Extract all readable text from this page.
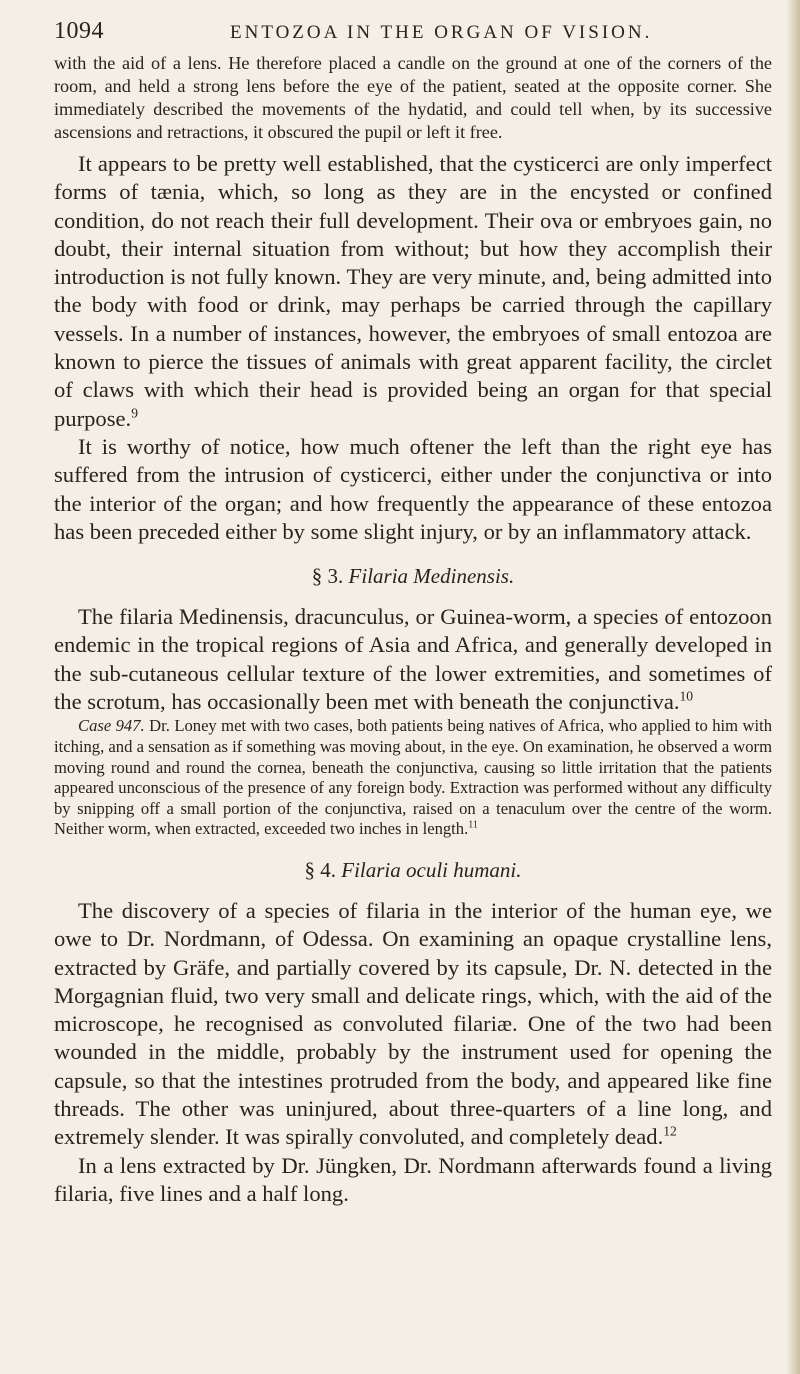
1094	ENTOZOA IN THE ORGAN OF VISION.

with the aid of a lens. He therefore placed a candle on the ground at one of the corners of the room, and held a strong lens before the eye of the patient, seated at the opposite corner. She immediately described the movements of the hydatid, and could tell when, by its successive ascensions and retractions, it obscured the pupil or left it free.

It appears to be pretty well established, that the cysticerci are only imperfect forms of tænia, which, so long as they are in the encysted or confined condition, do not reach their full development. Their ova or embryoes gain, no doubt, their internal situation from without; but how they accomplish their introduction is not fully known. They are very minute, and, being admitted into the body with food or drink, may perhaps be carried through the capillary vessels. In a number of instances, however, the embryoes of small entozoa are known to pierce the tissues of animals with great apparent facility, the circlet of claws with which their head is provided being an organ for that special purpose.$^9$

It is worthy of notice, how much oftener the left than the right eye has suffered from the intrusion of cysticerci, either under the conjunctiva or into the interior of the organ; and how frequently the appearance of these entozoa has been preceded either by some slight injury, or by an inflammatory attack.

§ 3. Filaria Medinensis.

The filaria Medinensis, dracunculus, or Guinea-worm, a species of entozoon endemic in the tropical regions of Asia and Africa, and generally developed in the sub-cutaneous cellular texture of the lower extremities, and sometimes of the scrotum, has occasionally been met with beneath the conjunctiva.$^{10}$

Case 947. Dr. Loney met with two cases, both patients being natives of Africa, who applied to him with itching, and a sensation as if something was moving about, in the eye. On examination, he observed a worm moving round and round the cornea, beneath the conjunctiva, causing so little irritation that the patients appeared unconscious of the presence of any foreign body. Extraction was performed without any difficulty by snipping off a small portion of the conjunctiva, raised on a tenaculum over the centre of the worm. Neither worm, when extracted, exceeded two inches in length.$^{11}$

§ 4. Filaria oculi humani.

The discovery of a species of filaria in the interior of the human eye, we owe to Dr. Nordmann, of Odessa. On examining an opaque crystalline lens, extracted by Gräfe, and partially covered by its capsule, Dr. N. detected in the Morgagnian fluid, two very small and delicate rings, which, with the aid of the microscope, he recognised as convoluted filariæ. One of the two had been wounded in the middle, probably by the instrument used for opening the capsule, so that the intestines protruded from the body, and appeared like fine threads. The other was uninjured, about three-quarters of a line long, and extremely slender. It was spirally convoluted, and completely dead.$^{12}$

In a lens extracted by Dr. Jüngken, Dr. Nordmann afterwards found a living filaria, five lines and a half long.
